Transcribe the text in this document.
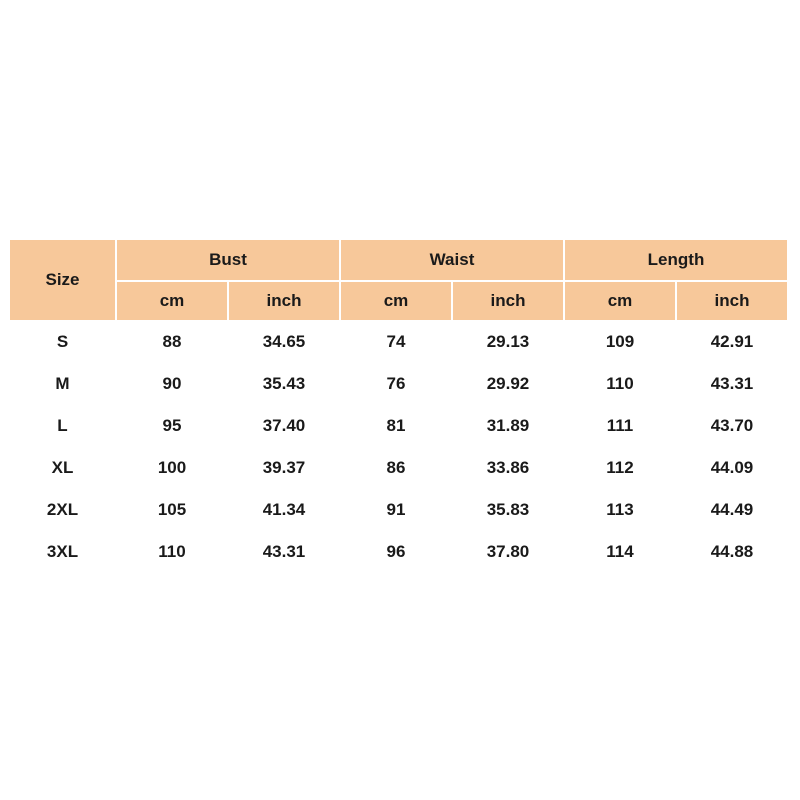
Size	Bust		Waist		Length	
	cm	inch	cm	inch	cm	inch
S	88	34.65	74	29.13	109	42.91
M	90	35.43	76	29.92	110	43.31
L	95	37.40	81	31.89	111	43.70
XL	100	39.37	86	33.86	112	44.09
2XL	105	41.34	91	35.83	113	44.49
3XL	110	43.31	96	37.80	114	44.88
